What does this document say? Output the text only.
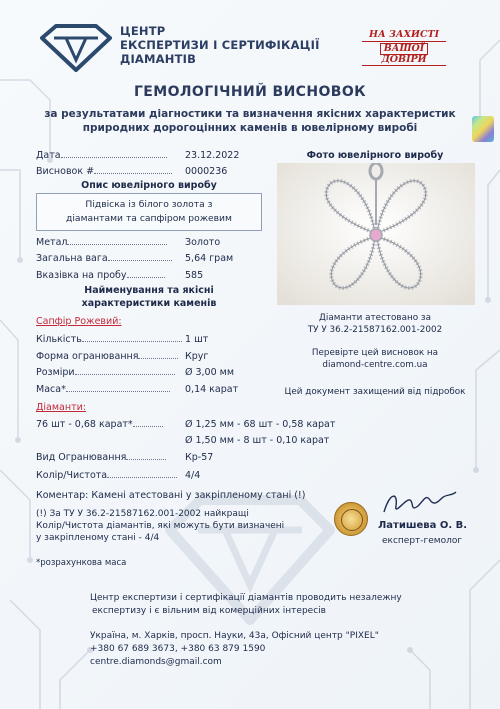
ЦЕНТР
ЕКСПЕРТИЗИ І СЕРТИФІКАЦІЇ
ДІАМАНТІВ
НА ЗАХИСТІ
ВАШОЇ
ДОВІРИ
ГЕМОЛОГІЧНИЙ ВИСНОВОК
за результатами діагностики та визначення якісних характеристик
природних дорогоцінних каменів в ювелірному виробі
Дата	23.12.2022
Висновок #	0000236
Опис ювелірного виробу
Підвіска із білого золота з
діамантами та сапфіром рожевим
Метал	Золото
Загальна вага	5,64 грам
Вказівка на пробу	585
Найменування та якісні
характеристики каменів
Сапфір Рожевий:
Кількість	1 шт
Форма огранювання	Круг
Розміри	Ø 3,00 мм
Маса*	0,14 карат
Діаманти:
76 шт - 0,68 карат*	Ø 1,25 мм - 68 шт - 0,58 карат
Ø 1,50 мм - 8 шт - 0,10 карат
Вид Огранювання	Кр-57
Колір/Чистота	4/4
Коментар: Камені атестовані у закріпленому стані (!)
(!) За ТУ У 36.2-21587162.001-2002 найкращі
Колір/Чистота діамантів, які можуть бути визначені
у закріпленому стані - 4/4
*розрахункова маса
Фото ювелірного виробу
Діаманти атестовано за
ТУ У 36.2-21587162.001-2002
Перевірте цей висновок на
diamond-centre.com.ua
Цей документ захищений від підробок
Латишева О. В.
експерт-гемолог
Центр експертизи і сертифікації діамантів проводить незалежну
експертизу і є вільним від комерційних інтересів
Україна, м. Харків, просп. Науки, 43а, Офісний центр "PIXEL"
+380 67 689 3673, +380 63 879 1590
centre.diamonds@gmail.com
